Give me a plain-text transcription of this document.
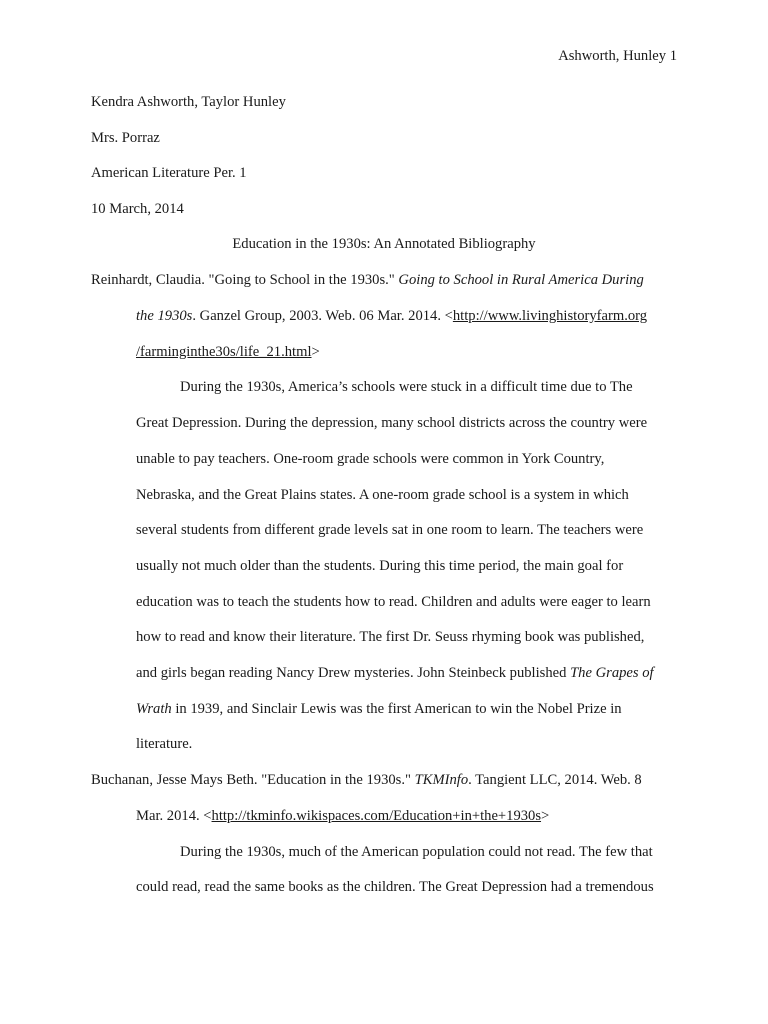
Ashworth, Hunley 1
Kendra Ashworth, Taylor Hunley
Mrs. Porraz
American Literature Per. 1
10 March, 2014
Education in the 1930s: An Annotated Bibliography
Reinhardt, Claudia. "Going to School in the 1930s." Going to School in Rural America During
the 1930s. Ganzel Group, 2003. Web. 06 Mar. 2014. <http://www.livinghistoryfarm.org
/farminginthe30s/life_21.html>
During the 1930s, America’s schools were stuck in a difficult time due to The
Great Depression. During the depression, many school districts across the country were
unable to pay teachers. One-room grade schools were common in York Country,
Nebraska, and the Great Plains states. A one-room grade school is a system in which
several students from different grade levels sat in one room to learn. The teachers were
usually not much older than the students. During this time period, the main goal for
education was to teach the students how to read. Children and adults were eager to learn
how to read and know their literature. The first Dr. Seuss rhyming book was published,
and girls began reading Nancy Drew mysteries. John Steinbeck published The Grapes of
Wrath in 1939, and Sinclair Lewis was the first American to win the Nobel Prize in
literature.
Buchanan, Jesse Mays Beth. "Education in the 1930s." TKMInfo. Tangient LLC, 2014. Web. 8
Mar. 2014. <http://tkminfo.wikispaces.com/Education+in+the+1930s>
During the 1930s, much of the American population could not read. The few that
could read, read the same books as the children. The Great Depression had a tremendous
